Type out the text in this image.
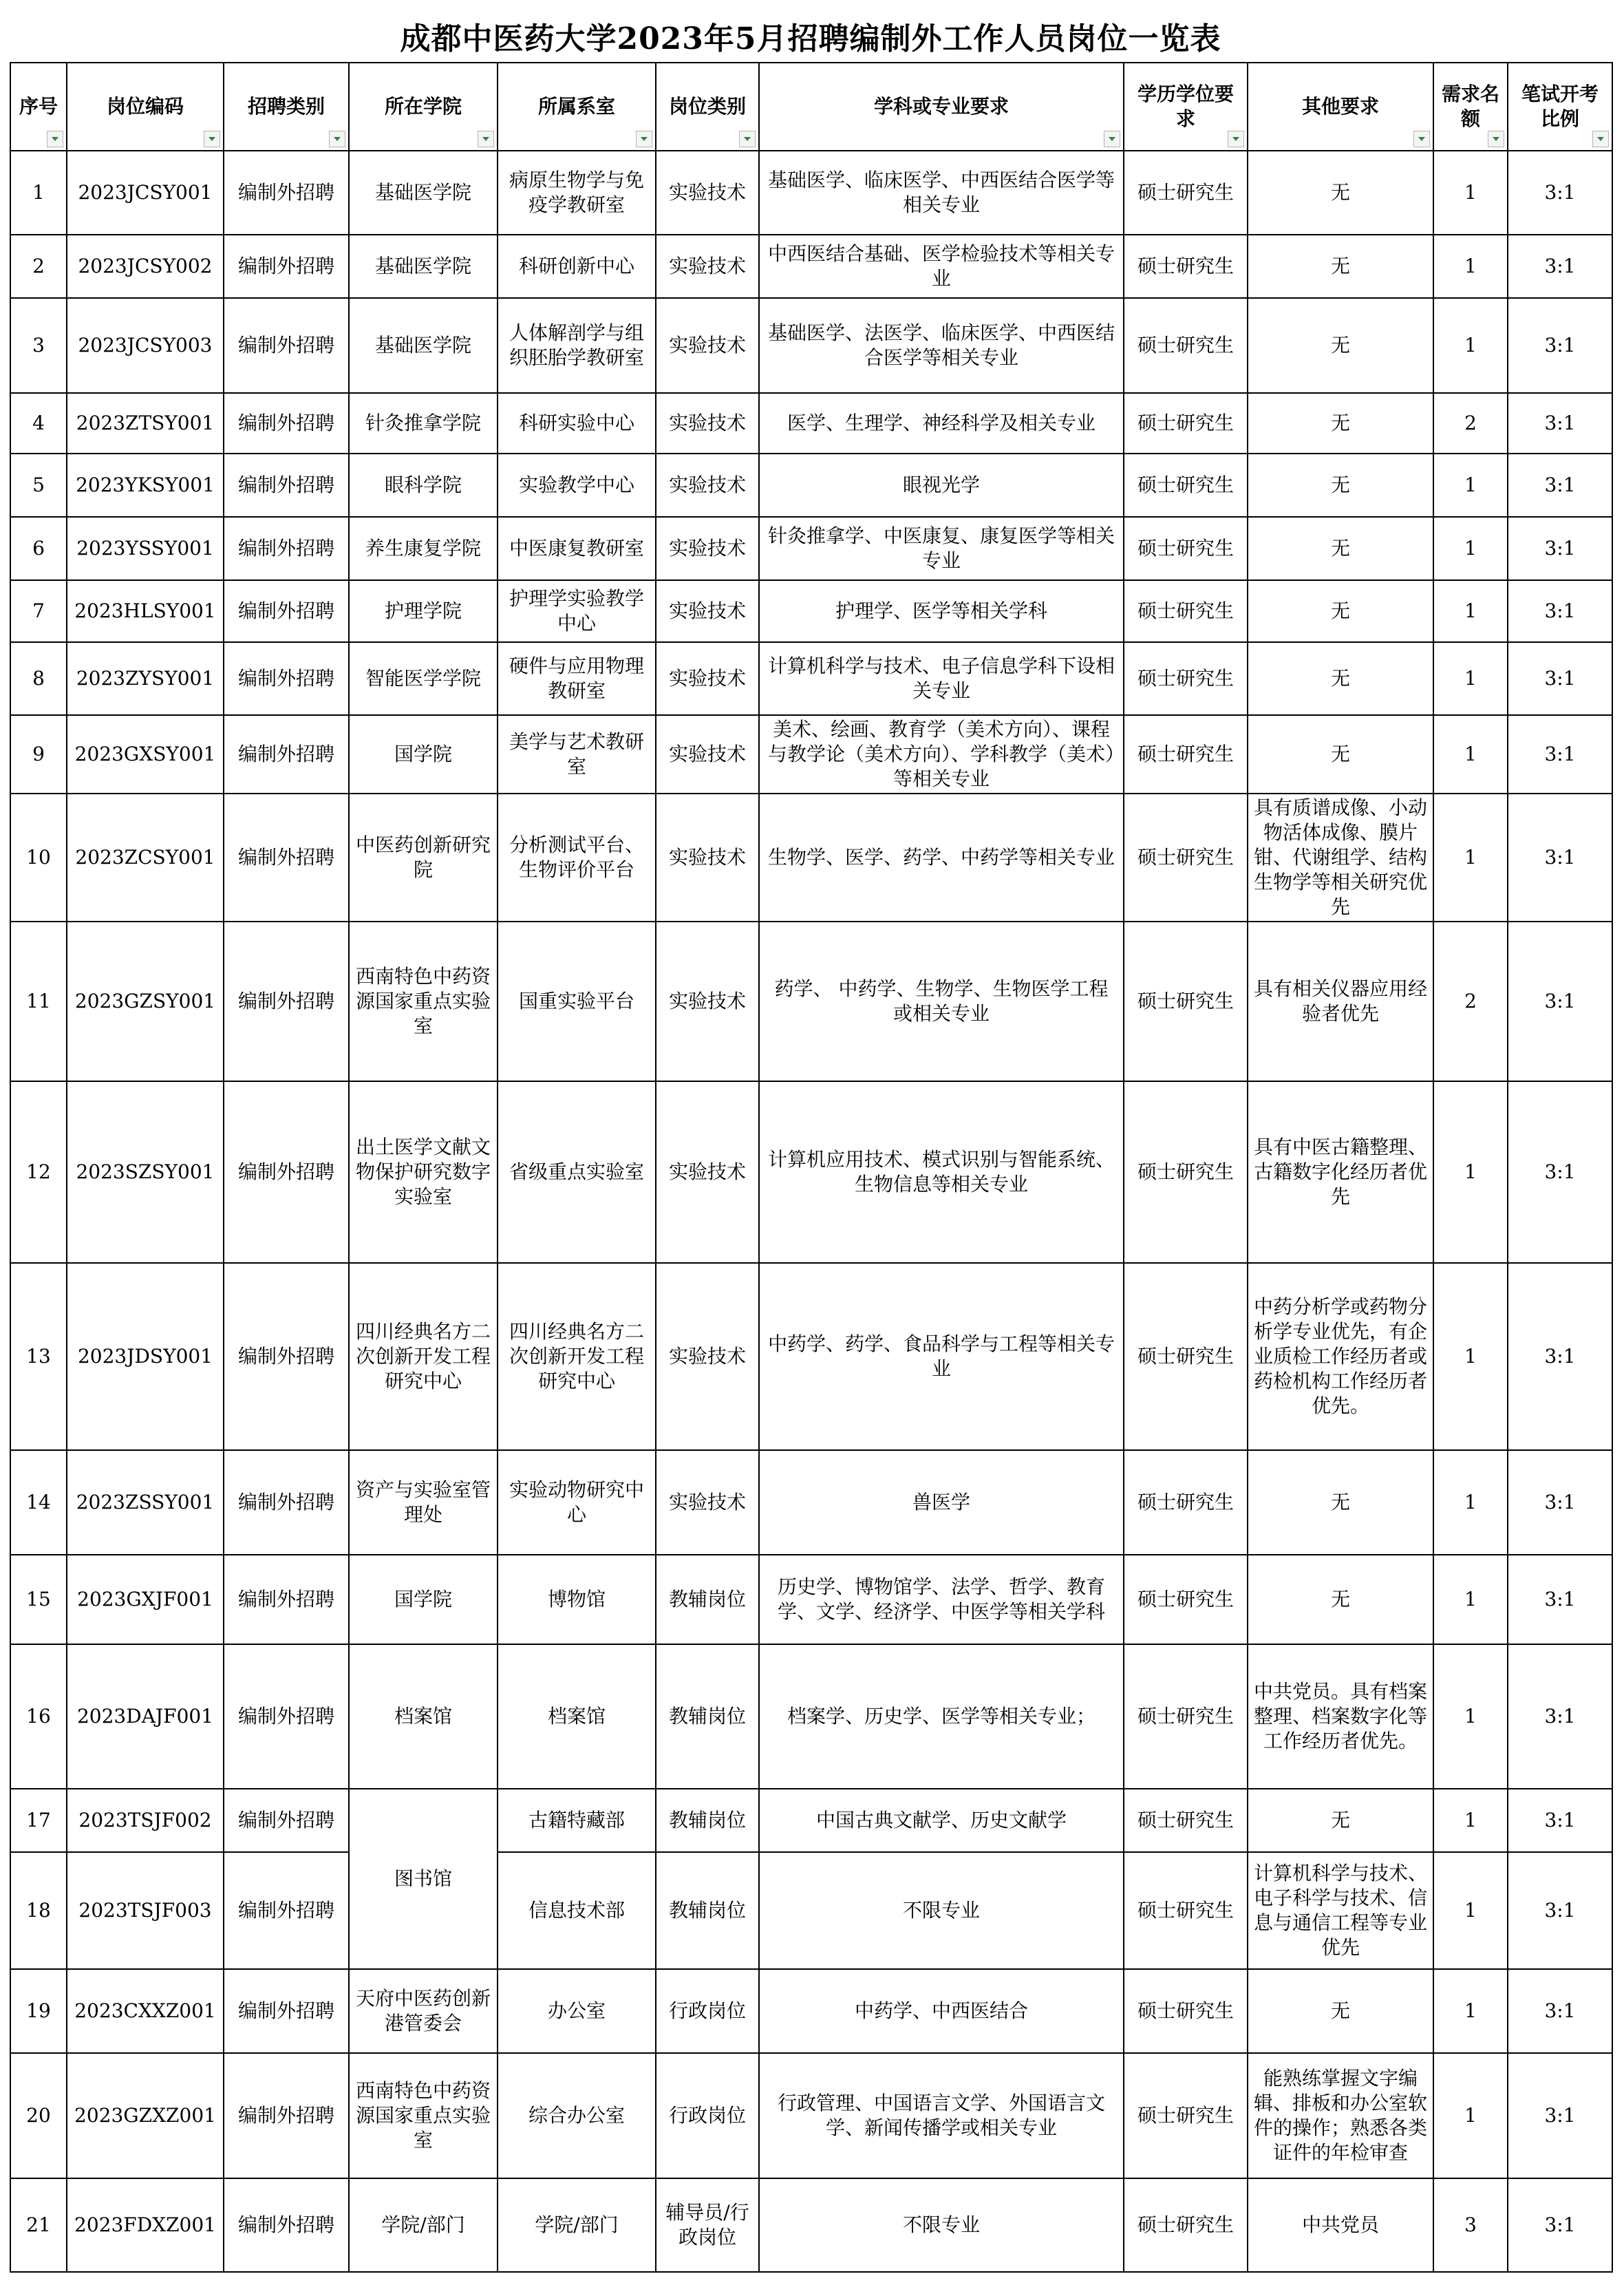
成都中医药大学2023年5月招聘编制外工作人员岗位一览表
序号	岗位编码	招聘类别	所在学院	所属系室	岗位类别	学科或专业要求	学历学位要求	其他要求	需求名额	笔试开考比例

1	2023JCSY001	编制外招聘	基础医学院	病原生物学与免疫学教研室	实验技术	基础医学、临床医学、中西医结合医学等相关专业	硕士研究生	无	1	3:1
2	2023JCSY002	编制外招聘	基础医学院	科研创新中心	实验技术	中西医结合基础、医学检验技术等相关专业	硕士研究生	无	1	3:1
3	2023JCSY003	编制外招聘	基础医学院	人体解剖学与组织胚胎学教研室	实验技术	基础医学、法医学、临床医学、中西医结合医学等相关专业	硕士研究生	无	1	3:1
4	2023ZTSY001	编制外招聘	针灸推拿学院	科研实验中心	实验技术	医学、生理学、神经科学及相关专业	硕士研究生	无	2	3:1
5	2023YKSY001	编制外招聘	眼科学院	实验教学中心	实验技术	眼视光学	硕士研究生	无	1	3:1
6	2023YSSY001	编制外招聘	养生康复学院	中医康复教研室	实验技术	针灸推拿学、中医康复、康复医学等相关专业	硕士研究生	无	1	3:1
7	2023HLSY001	编制外招聘	护理学院	护理学实验教学中心	实验技术	护理学、医学等相关学科	硕士研究生	无	1	3:1
8	2023ZYSY001	编制外招聘	智能医学学院	硬件与应用物理教研室	实验技术	计算机科学与技术、电子信息学科下设相关专业	硕士研究生	无	1	3:1
9	2023GXSY001	编制外招聘	国学院	美学与艺术教研室	实验技术	美术、绘画、教育学（美术方向）、课程与教学论（美术方向）、学科教学（美术）等相关专业	硕士研究生	无	1	3:1
10	2023ZCSY001	编制外招聘	中医药创新研究院	分析测试平台、生物评价平台	实验技术	生物学、医学、药学、中药学等相关专业	硕士研究生	具有质谱成像、小动物活体成像、膜片钳、代谢组学、结构生物学等相关研究优先	1	3:1
11	2023GZSY001	编制外招聘	西南特色中药资源国家重点实验室	国重实验平台	实验技术	药学、 中药学、生物学、生物医学工程或相关专业	硕士研究生	具有相关仪器应用经验者优先	2	3:1
12	2023SZSY001	编制外招聘	出土医学文献文物保护研究数字实验室	省级重点实验室	实验技术	计算机应用技术、模式识别与智能系统、生物信息等相关专业	硕士研究生	具有中医古籍整理、古籍数字化经历者优先	1	3:1
13	2023JDSY001	编制外招聘	四川经典名方二次创新开发工程研究中心	四川经典名方二次创新开发工程研究中心	实验技术	中药学、药学、食品科学与工程等相关专业	硕士研究生	中药分析学或药物分析学专业优先，有企业质检工作经历者或药检机构工作经历者优先。	1	3:1
14	2023ZSSY001	编制外招聘	资产与实验室管理处	实验动物研究中心	实验技术	兽医学	硕士研究生	无	1	3:1
15	2023GXJF001	编制外招聘	国学院	博物馆	教辅岗位	历史学、博物馆学、法学、哲学、教育学、文学、经济学、中医学等相关学科	硕士研究生	无	1	3:1
16	2023DAJF001	编制外招聘	档案馆	档案馆	教辅岗位	档案学、历史学、医学等相关专业；	硕士研究生	中共党员。具有档案整理、档案数字化等工作经历者优先。	1	3:1
17	2023TSJF002	编制外招聘	图书馆	古籍特藏部	教辅岗位	中国古典文献学、历史文献学	硕士研究生	无	1	3:1
18	2023TSJF003	编制外招聘		信息技术部	教辅岗位	不限专业	硕士研究生	计算机科学与技术、电子科学与技术、信息与通信工程等专业优先	1	3:1
19	2023CXXZ001	编制外招聘	天府中医药创新港管委会	办公室	行政岗位	中药学、中西医结合	硕士研究生	无	1	3:1
20	2023GZXZ001	编制外招聘	西南特色中药资源国家重点实验室	综合办公室	行政岗位	行政管理、中国语言文学、外国语言文学、新闻传播学或相关专业	硕士研究生	能熟练掌握文字编辑、排板和办公室软件的操作；熟悉各类证件的年检审查	1	3:1
21	2023FDXZ001	编制外招聘	学院/部门	学院/部门	辅导员/行政岗位	不限专业	硕士研究生	中共党员	3	3:1
